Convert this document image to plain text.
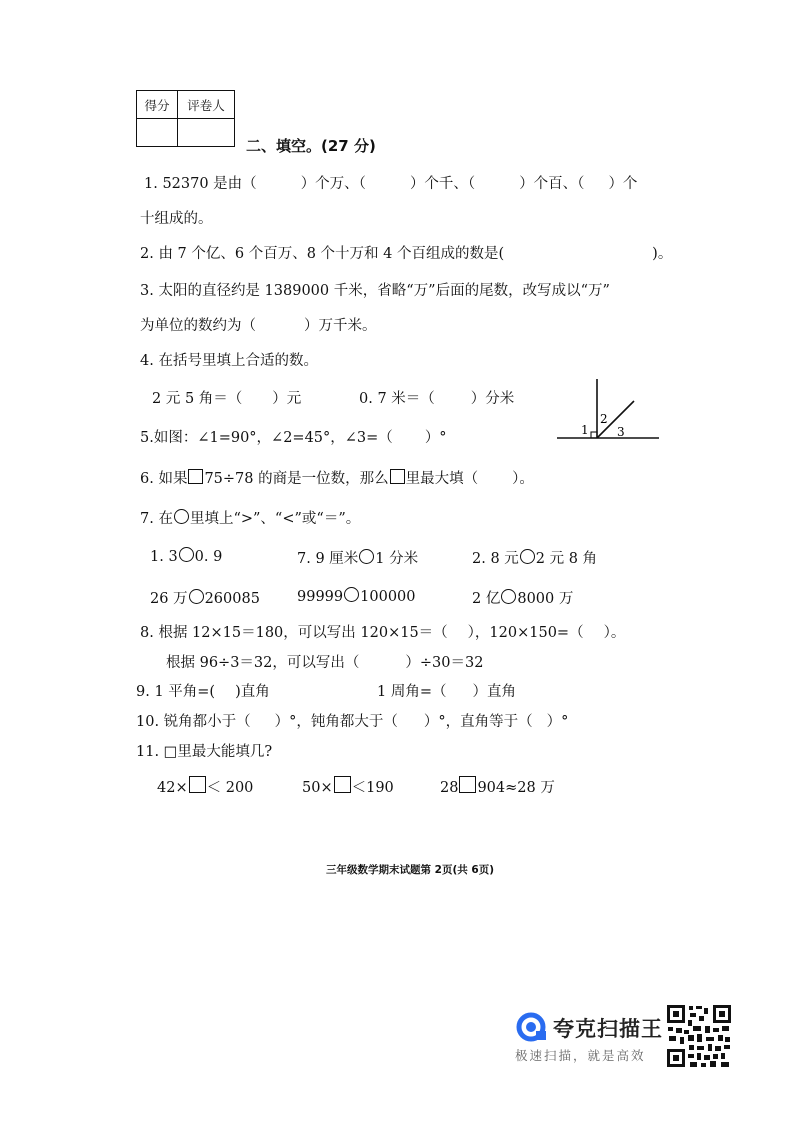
得分	评卷人

二、填空。(27 分)
1. 52370 是由（	）个万、（	）个千、（	）个百、（ ）个
十组成的。
2. 由 7 个亿、6 个百万、8 个十万和 4 个百组成的数是(	)。
3. 太阳的直径约是 1389000 千米，省略“万”后面的尾数，改写成以“万”
为单位的数约为（	）万千米。
4. 在括号里填上合适的数。
2 元 5 角＝（ ）元	0. 7 米＝（ ）分米
5.如图：∠1=90°，∠2=45°，∠3=（ ）°	1
2
3
6. 如果 75÷78 的商是一位数，那么 里最大填（ ）。
7. 在 里填上“>”、“<”或“＝”。
1. 3 0. 9	7. 9 厘米 1 分米	2. 8 元 2 元 8 角
26 万 260085	99999 100000	2 亿 8000 万
8. 根据 12×15＝180，可以写出 120×15＝（ ），120×150=（ ）。
根据 96÷3＝32，可以写出（	）÷30＝32
9. 1 平角=( )直角	1 周角=（ ）直角
10. 锐角都小于（ ）°，钝角都大于（ ）°，直角等于（ ）°
11. □里最大能填几?
42× ＜ 200	50× ＜190	28 904≈28 万
三年级数学期末试题第 2页(共 6页)
夸克扫描王
极速扫描，就是高效
